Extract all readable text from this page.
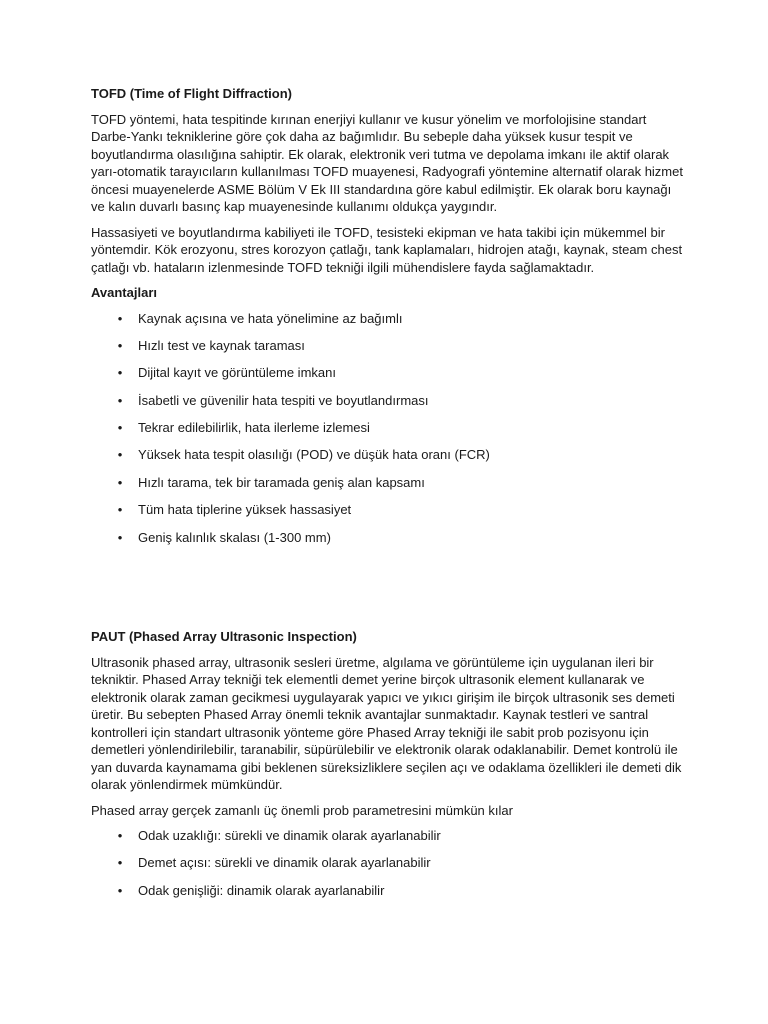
TOFD (Time of Flight Diffraction)
TOFD yöntemi, hata tespitinde kırınan enerjiyi kullanır ve kusur yönelim ve morfolojisine standart Darbe-Yankı tekniklerine göre çok daha az bağımlıdır. Bu sebeple daha yüksek kusur tespit ve boyutlandırma olasılığına sahiptir. Ek olarak, elektronik veri tutma ve depolama imkanı ile aktif olarak yarı-otomatik tarayıcıların kullanılması TOFD muayenesi, Radyografi yöntemine alternatif olarak hizmet öncesi muayenelerde ASME Bölüm V Ek III standardına göre kabul edilmiştir. Ek olarak boru kaynağı ve kalın duvarlı basınç kap muayenesinde kullanımı oldukça yaygındır.
Hassasiyeti ve boyutlandırma kabiliyeti ile TOFD, tesisteki ekipman ve hata takibi için mükemmel bir yöntemdir. Kök erozyonu, stres korozyon çatlağı, tank kaplamaları, hidrojen atağı, kaynak, steam chest çatlağı vb. hataların izlenmesinde TOFD tekniği ilgili mühendislere fayda sağlamaktadır.
Avantajları
• Kaynak açısına ve hata yönelimine az bağımlı
• Hızlı test ve kaynak taraması
• Dijital kayıt ve görüntüleme imkanı
• İsabetli ve güvenilir hata tespiti ve boyutlandırması
• Tekrar edilebilirlik, hata ilerleme izlemesi
• Yüksek hata tespit olasılığı (POD) ve düşük hata oranı (FCR)
• Hızlı tarama, tek bir taramada geniş alan kapsamı
• Tüm hata tiplerine yüksek hassasiyet
• Geniş kalınlık skalası (1-300 mm)
PAUT (Phased Array Ultrasonic Inspection)
Ultrasonik phased array, ultrasonik sesleri üretme, algılama ve görüntüleme için uygulanan ileri bir tekniktir. Phased Array tekniği tek elementli demet yerine birçok ultrasonik element kullanarak ve elektronik olarak zaman gecikmesi uygulayarak yapıcı ve yıkıcı girişim ile birçok ultrasonik ses demeti üretir. Bu sebepten Phased Array önemli teknik avantajlar sunmaktadır. Kaynak testleri ve santral kontrolleri için standart ultrasonik yönteme göre Phased Array tekniği ile sabit prob pozisyonu için demetleri yönlendirilebilir, taranabilir, süpürülebilir ve elektronik olarak odaklanabilir. Demet kontrolü ile yan duvarda kaynamama gibi beklenen süreksizliklere seçilen açı ve odaklama özellikleri ile demeti dik olarak yönlendirmek mümkündür.
Phased array gerçek zamanlı üç önemli prob parametresini mümkün kılar
• Odak uzaklığı: sürekli ve dinamik olarak ayarlanabilir
• Demet açısı: sürekli ve dinamik olarak ayarlanabilir
• Odak genişliği: dinamik olarak ayarlanabilir
